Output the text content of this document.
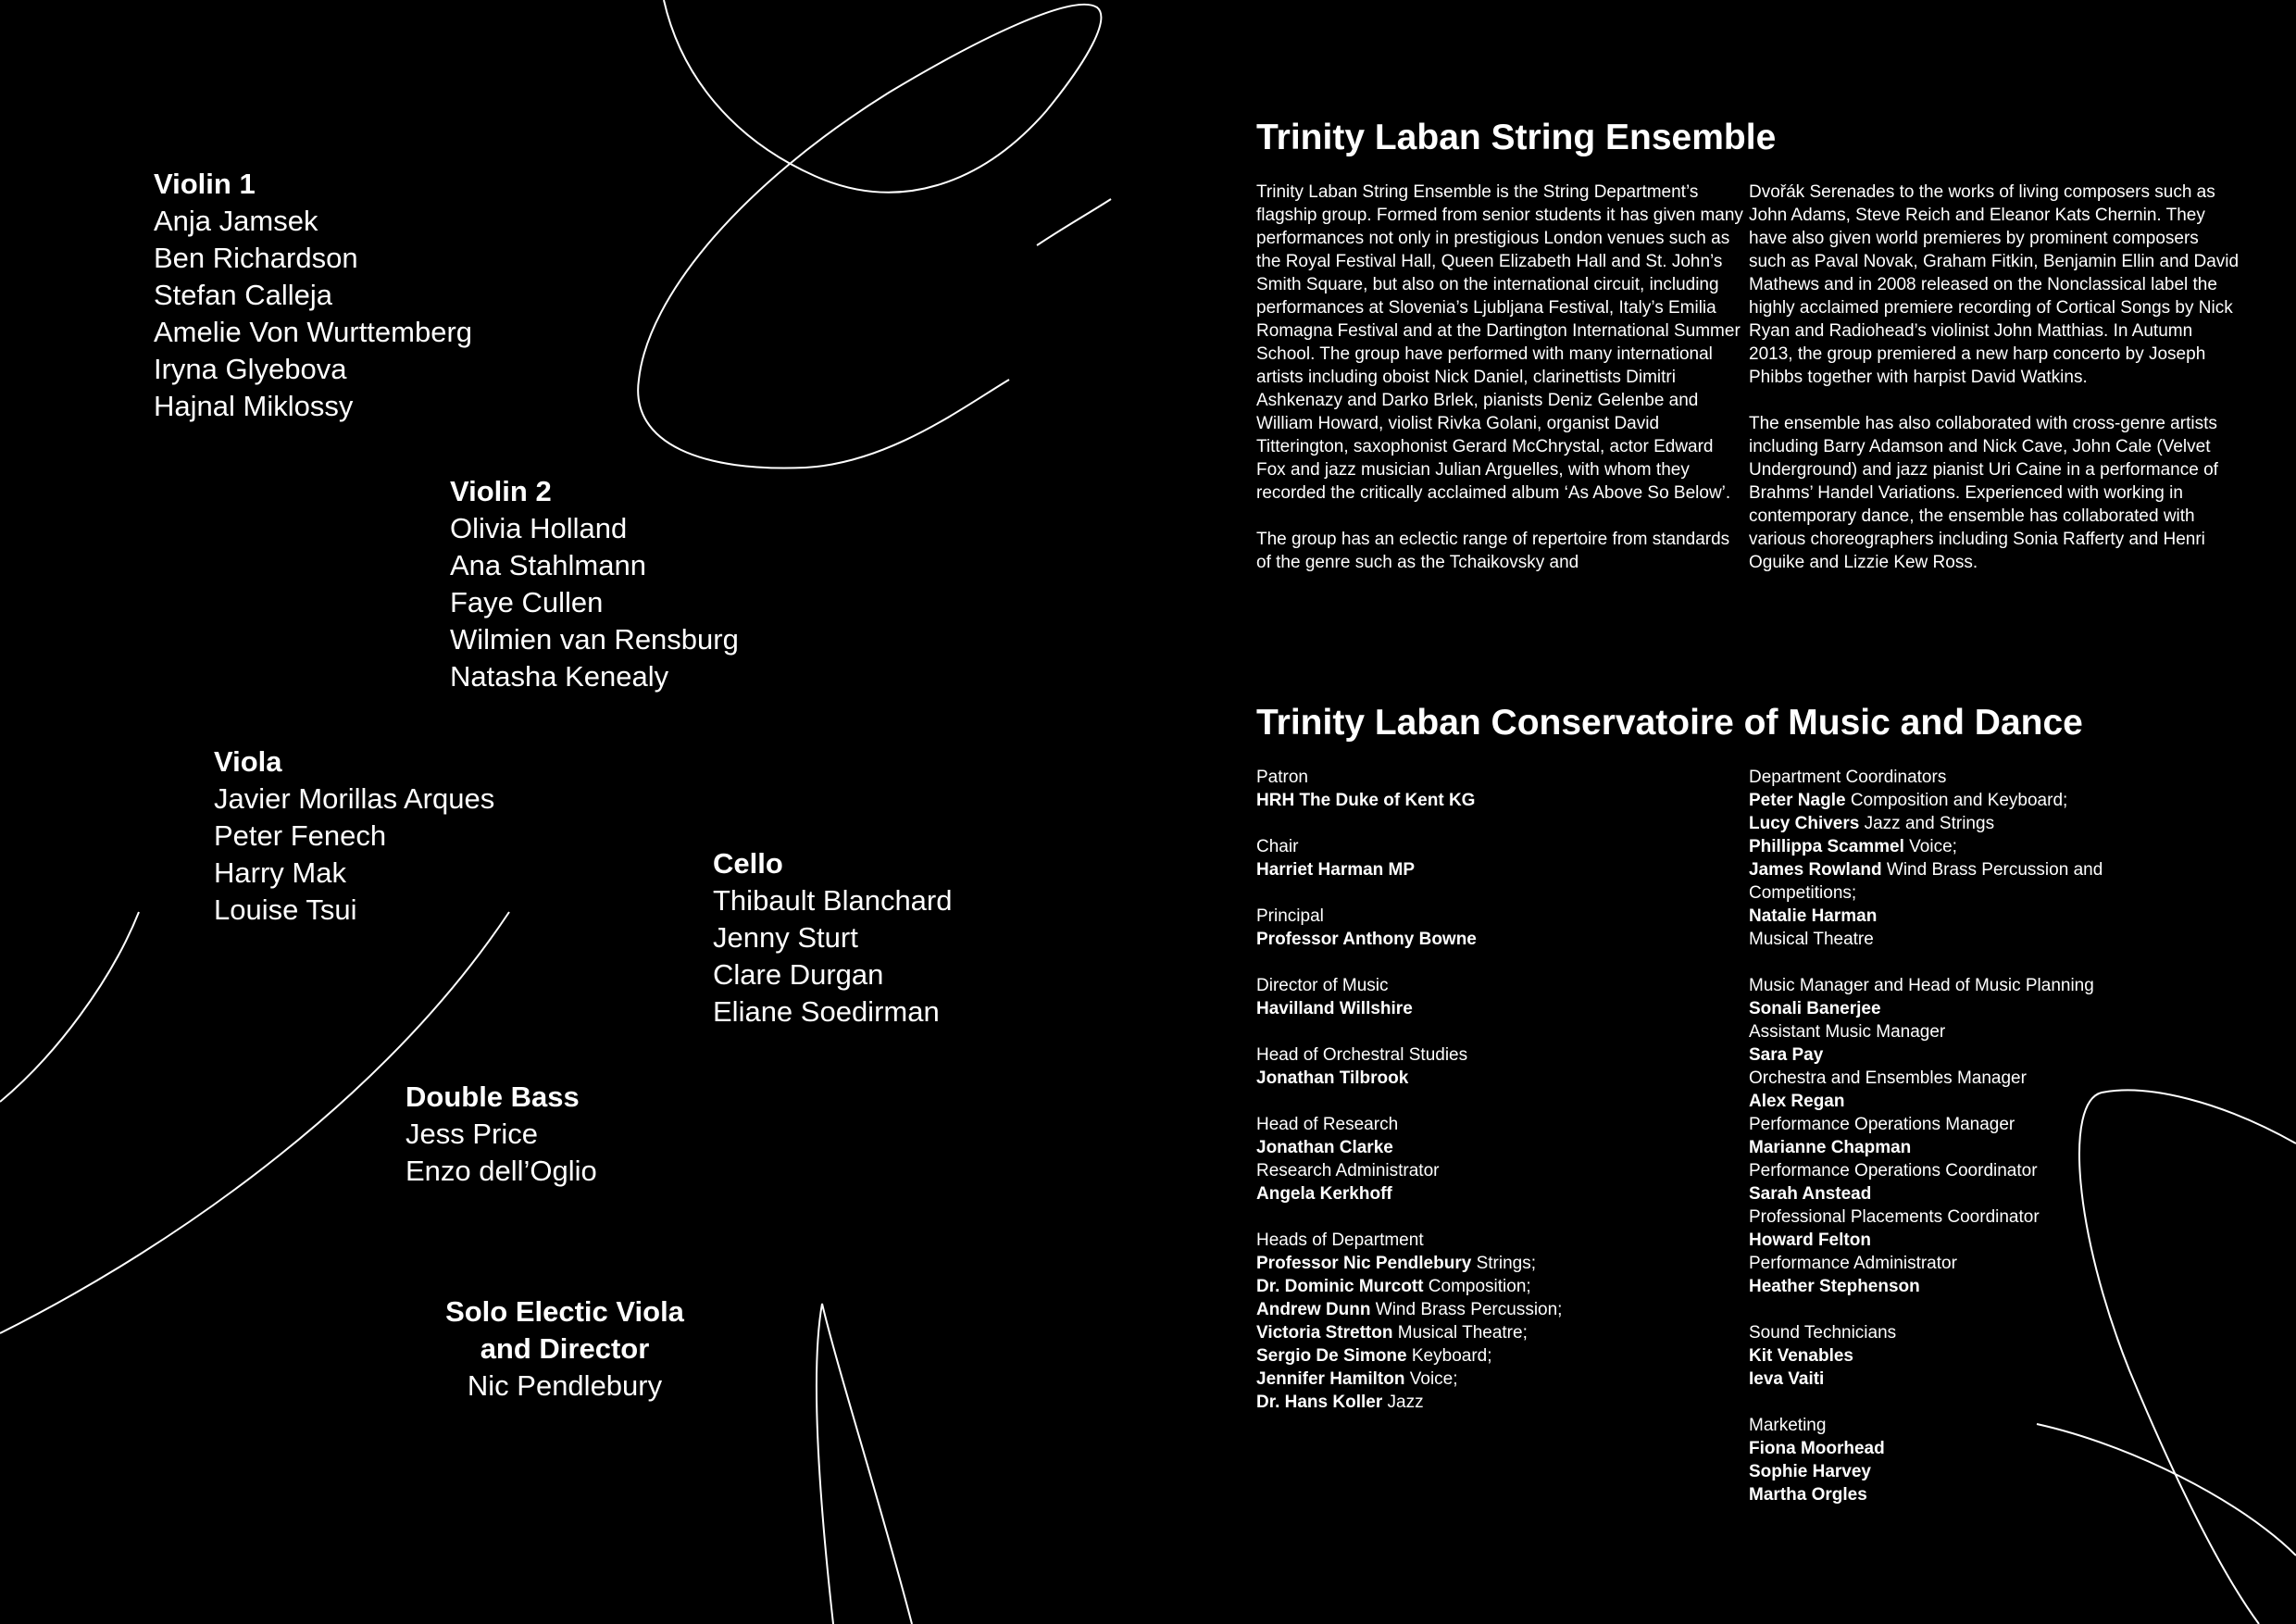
Violin 1
Anja Jamsek
Ben Richardson
Stefan Calleja
Amelie Von Wurttemberg
Iryna Glyebova
Hajnal Miklossy
Violin 2
Olivia Holland
Ana Stahlmann
Faye Cullen
Wilmien van Rensburg
Natasha Kenealy
Viola
Javier Morillas Arques
Peter Fenech
Harry Mak
Louise Tsui
Cello
Thibault Blanchard
Jenny Sturt
Clare Durgan
Eliane Soedirman
Double Bass
Jess Price
Enzo dell’Oglio
Solo Electic Viola
and Director
Nic Pendlebury
Trinity Laban String Ensemble

Trinity Laban String Ensemble is the String Department’s flagship group. Formed from senior students it has given many performances not only in prestigious London venues such as the Royal Festival Hall, Queen Elizabeth Hall and St. John’s Smith Square, but also on the international circuit, including performances at Slovenia’s Ljubljana Festival, Italy’s Emilia Romagna Festival and at the Dartington International Summer School. The group have performed with many international artists including oboist Nick Daniel, clarinettists Dimitri Ashkenazy and Darko Brlek, pianists Deniz Gelenbe and William Howard, violist Rivka Golani, organist David Titterington, saxophonist Gerard McChrystal, actor Edward Fox and jazz musician Julian Arguelles, with whom they recorded the critically acclaimed album ‘As Above So Below’.

The group has an eclectic range of repertoire from standards of the genre such as the Tchaikovsky and

Dvořák Serenades to the works of living composers such as John Adams, Steve Reich and Eleanor Kats Chernin. They have also given world premieres by prominent composers such as Paval Novak, Graham Fitkin, Benjamin Ellin and David Mathews and in 2008 released on the Nonclassical label the highly acclaimed premiere recording of Cortical Songs by Nick Ryan and Radiohead’s violinist John Matthias. In Autumn 2013, the group premiered a new harp concerto by Joseph Phibbs together with harpist David Watkins.

The ensemble has also collaborated with cross-genre artists including Barry Adamson and Nick Cave, John Cale (Velvet Underground) and jazz pianist Uri Caine in a performance of Brahms’ Handel Variations. Experienced with working in contemporary dance, the ensemble has collaborated with various choreographers including Sonia Rafferty and Henri Oguike and Lizzie Kew Ross.

Trinity Laban Conservatoire of Music and Dance
Patron
HRH The Duke of Kent KG
Chair
Harriet Harman MP
Principal
Professor Anthony Bowne
Director of Music
Havilland Willshire
Head of Orchestral Studies
Jonathan Tilbrook
Head of Research
Jonathan Clarke
Research Administrator
Angela Kerkhoff
Heads of Department
Professor Nic Pendlebury Strings;
Dr. Dominic Murcott Composition;
Andrew Dunn Wind Brass Percussion;
Victoria Stretton Musical Theatre;
Sergio De Simone Keyboard;
Jennifer Hamilton Voice;
Dr. Hans Koller Jazz
Department Coordinators
Peter Nagle Composition and Keyboard;
Lucy Chivers Jazz and Strings
Phillippa Scammel Voice;
James Rowland Wind Brass Percussion and
Competitions;
Natalie Harman
Musical Theatre
Music Manager and Head of Music Planning
Sonali Banerjee
Assistant Music Manager
Sara Pay
Orchestra and Ensembles Manager
Alex Regan
Performance Operations Manager
Marianne Chapman
Performance Operations Coordinator
Sarah Anstead
Professional Placements Coordinator
Howard Felton
Performance Administrator
Heather Stephenson
Sound Technicians
Kit Venables
Ieva Vaiti
Marketing
Fiona Moorhead
Sophie Harvey
Martha Orgles
